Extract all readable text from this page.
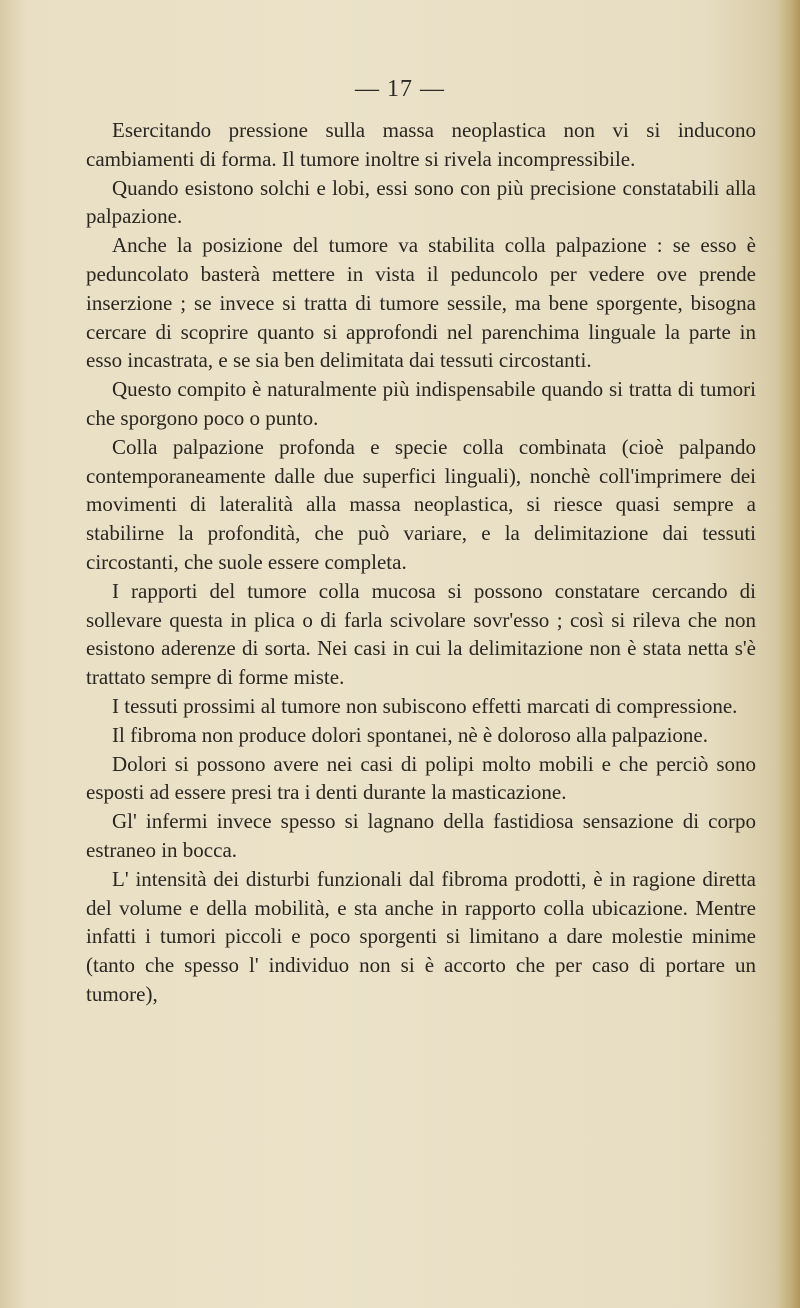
— 17 —

Esercitando pressione sulla massa neoplastica non vi si inducono cambiamenti di forma. Il tumore inoltre si rivela incompressibile.

Quando esistono solchi e lobi, essi sono con più precisione constatabili alla palpazione.

Anche la posizione del tumore va stabilita colla palpazione : se esso è peduncolato basterà mettere in vista il peduncolo per vedere ove prende inserzione ; se invece si tratta di tumore sessile, ma bene sporgente, bisogna cercare di scoprire quanto si approfondi nel parenchima linguale la parte in esso incastrata, e se sia ben delimitata dai tessuti circostanti.

Questo compito è naturalmente più indispensabile quando si tratta di tumori che sporgono poco o punto.

Colla palpazione profonda e specie colla combinata (cioè palpando contemporaneamente dalle due superfici linguali), nonchè coll'imprimere dei movimenti di lateralità alla massa neoplastica, si riesce quasi sempre a stabilirne la profondità, che può variare, e la delimitazione dai tessuti circostanti, che suole essere completa.

I rapporti del tumore colla mucosa si possono constatare cercando di sollevare questa in plica o di farla scivolare sovr'esso ; così si rileva che non esistono aderenze di sorta. Nei casi in cui la delimitazione non è stata netta s'è trattato sempre di forme miste.

I tessuti prossimi al tumore non subiscono effetti marcati di compressione.

Il fibroma non produce dolori spontanei, nè è doloroso alla palpazione.

Dolori si possono avere nei casi di polipi molto mobili e che perciò sono esposti ad essere presi tra i denti durante la masticazione.

Gl' infermi invece spesso si lagnano della fastidiosa sensazione di corpo estraneo in bocca.

L' intensità dei disturbi funzionali dal fibroma prodotti, è in ragione diretta del volume e della mobilità, e sta anche in rapporto colla ubicazione. Mentre infatti i tumori piccoli e poco sporgenti si limitano a dare molestie minime (tanto che spesso l' individuo non si è accorto che per caso di portare un tumore),
